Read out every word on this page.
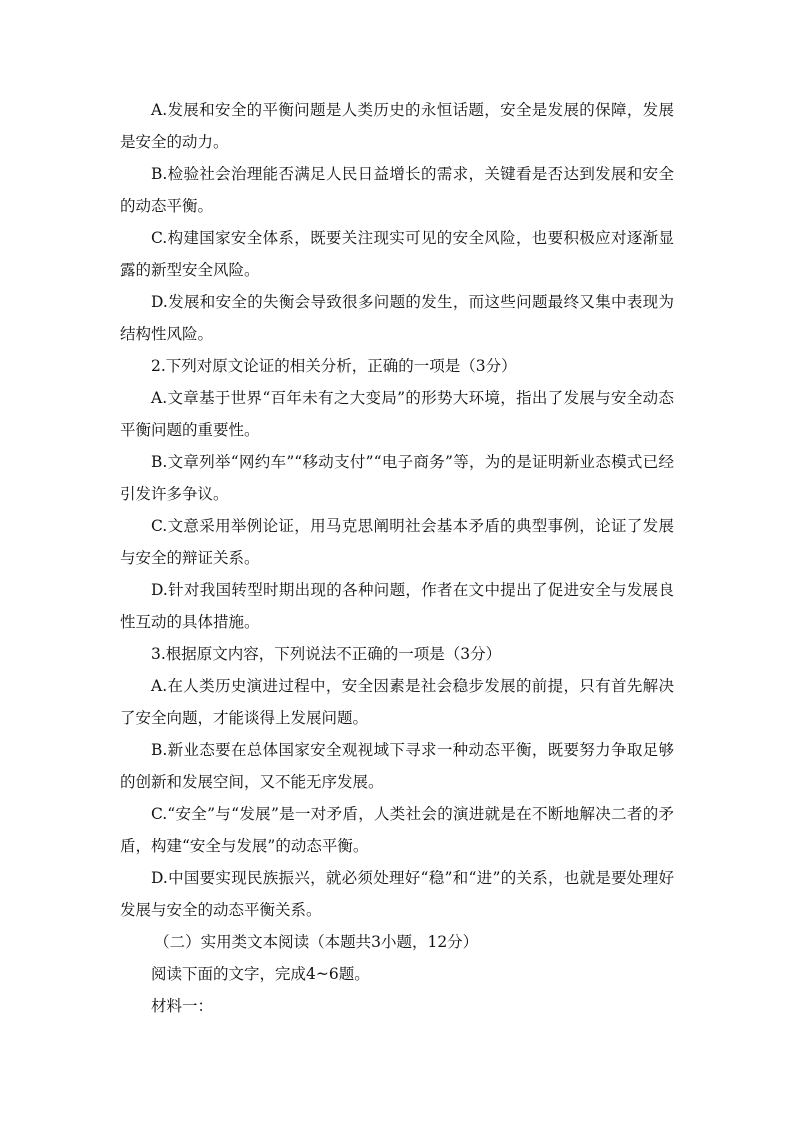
A.发展和安全的平衡问题是人类历史的永恒话题，安全是发展的保障，发展是安全的动力。

B.检验社会治理能否满足人民日益增长的需求，关键看是否达到发展和安全的动态平衡。

C.构建国家安全体系，既要关注现实可见的安全风险，也要积极应对逐渐显露的新型安全风险。

D.发展和安全的失衡会导致很多问题的发生，而这些问题最终又集中表现为结构性风险。

2.下列对原文论证的相关分析，正确的一项是（3分）

A.文章基于世界“百年未有之大变局”的形势大环境，指出了发展与安全动态平衡问题的重要性。

B.文章列举“网约车”“移动支付”“电子商务”等，为的是证明新业态模式已经引发许多争议。

C.文意采用举例论证，用马克思阐明社会基本矛盾的典型事例，论证了发展与安全的辩证关系。

D.针对我国转型时期出现的各种问题，作者在文中提出了促进安全与发展良性互动的具体措施。

3.根据原文内容，下列说法不正确的一项是（3分）

A.在人类历史演进过程中，安全因素是社会稳步发展的前提，只有首先解决了安全向题，才能谈得上发展问题。

B.新业态要在总体国家安全观视域下寻求一种动态平衡，既要努力争取足够的创新和发展空间，又不能无序发展。

C.“安全”与“发展”是一对矛盾，人类社会的演进就是在不断地解决二者的矛盾，构建“安全与发展”的动态平衡。

D.中国要实现民族振兴，就必须处理好“稳”和“进”的关系，也就是要处理好发展与安全的动态平衡关系。

（二）实用类文本阅读（本题共3小题，12分）

阅读下面的文字，完成4~6题。

材料一：
